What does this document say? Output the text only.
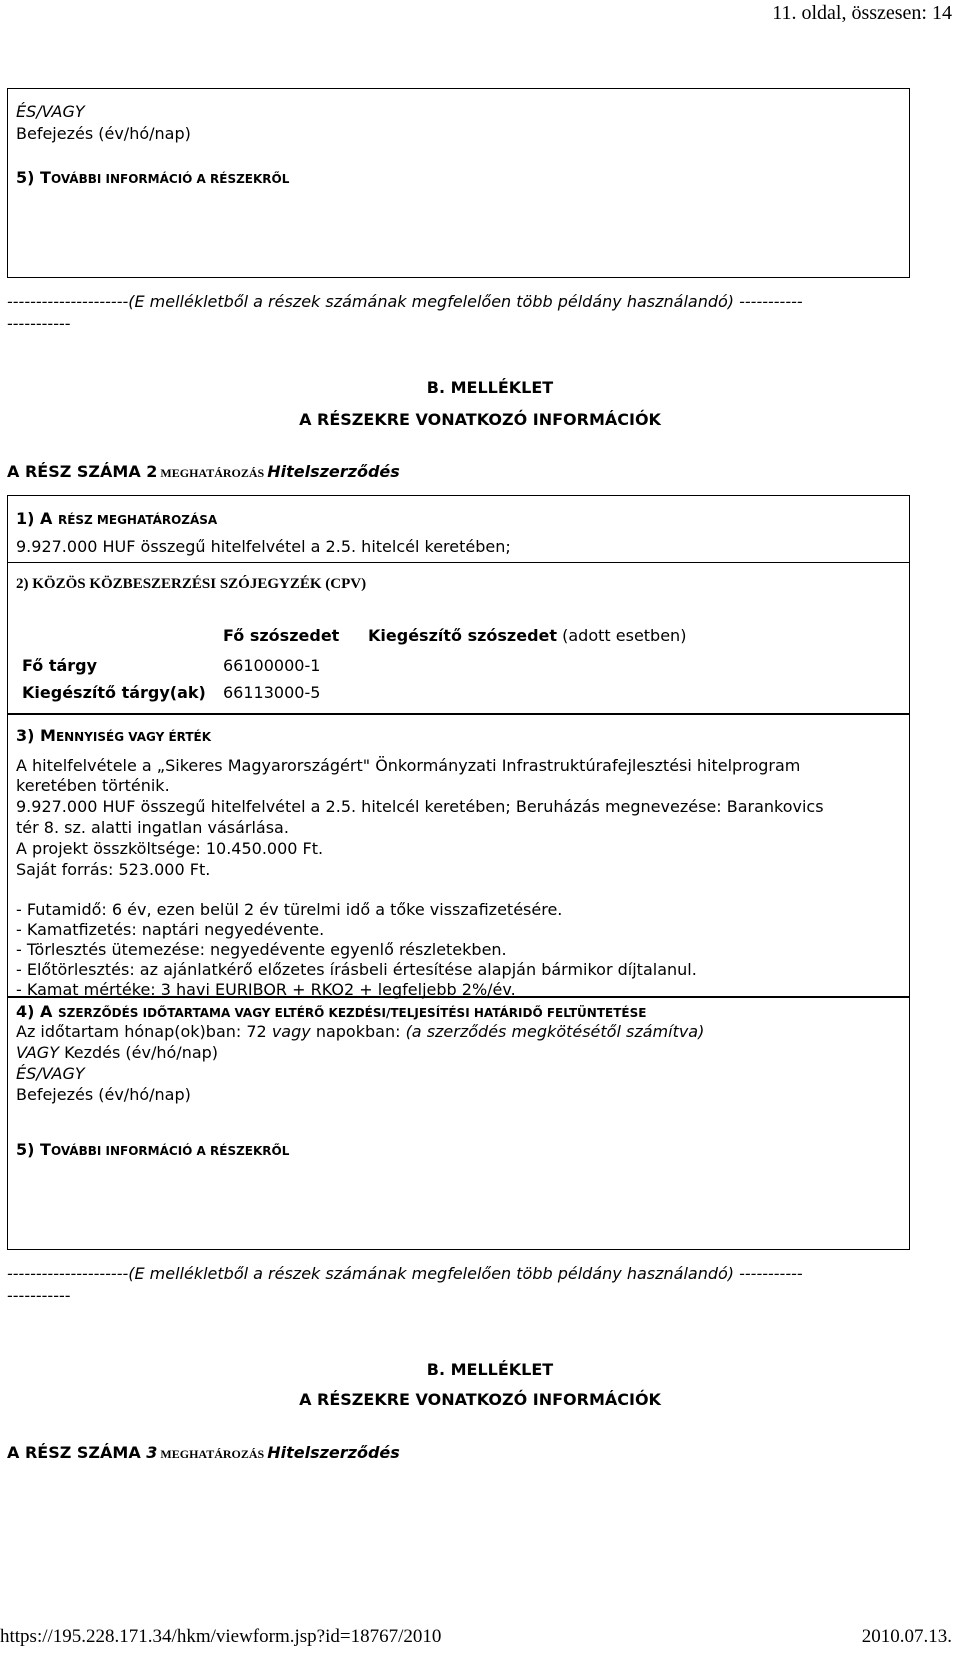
11. oldal, összesen: 14
ÉS/VAGY
Befejezés (év/hó/nap)
5) TOVÁBBI INFORMÁCIÓ A RÉSZEKRŐL
---------------------(E mellékletből a részek számának megfelelően több példány használandó) -----------
-----------
B. MELLÉKLET
A RÉSZEKRE VONATKOZÓ INFORMÁCIÓK
A RÉSZ SZÁMA 2 MEGHATÁROZÁS Hitelszerződés
1) A RÉSZ MEGHATÁROZÁSA
9.927.000 HUF összegű hitelfelvétel a 2.5. hitelcél keretében;
2) KÖZÖS KÖZBESZERZÉSI SZÓJEGYZÉK (CPV)
Fő szószedet Kiegészítő szószedet (adott esetben)
Fő tárgy	66100000-1
Kiegészítő tárgy(ak) 66113000-5
3) MENNYISÉG VAGY ÉRTÉK
A hitelfelvétele a „Sikeres Magyarországért" Önkormányzati Infrastruktúrafejlesztési hitelprogram
keretében történik.
9.927.000 HUF összegű hitelfelvétel a 2.5. hitelcél keretében; Beruházás megnevezése: Barankovics
tér 8. sz. alatti ingatlan vásárlása.
A projekt összköltsége: 10.450.000 Ft.
Saját forrás: 523.000 Ft.
- Futamidő: 6 év, ezen belül 2 év türelmi idő a tőke visszafizetésére.
- Kamatfizetés: naptári negyedévente.
- Törlesztés ütemezése: negyedévente egyenlő részletekben.
- Előtörlesztés: az ajánlatkérő előzetes írásbeli értesítése alapján bármikor díjtalanul.
- Kamat mértéke: 3 havi EURIBOR + RKO2 + legfeljebb 2%/év.
4) A SZERZŐDÉS IDŐTARTAMA VAGY ELTÉRŐ KEZDÉSI/TELJESÍTÉSI HATÁRIDŐ FELTÜNTETÉSE
Az időtartam hónap(ok)ban: 72 vagy napokban: (a szerződés megkötésétől számítva)
VAGY Kezdés (év/hó/nap)
ÉS/VAGY
Befejezés (év/hó/nap)
5) TOVÁBBI INFORMÁCIÓ A RÉSZEKRŐL
---------------------(E mellékletből a részek számának megfelelően több példány használandó) -----------
-----------
B. MELLÉKLET
A RÉSZEKRE VONATKOZÓ INFORMÁCIÓK
A RÉSZ SZÁMA 3 MEGHATÁROZÁS Hitelszerződés
https://195.228.171.34/hkm/viewform.jsp?id=18767/2010	2010.07.13.
